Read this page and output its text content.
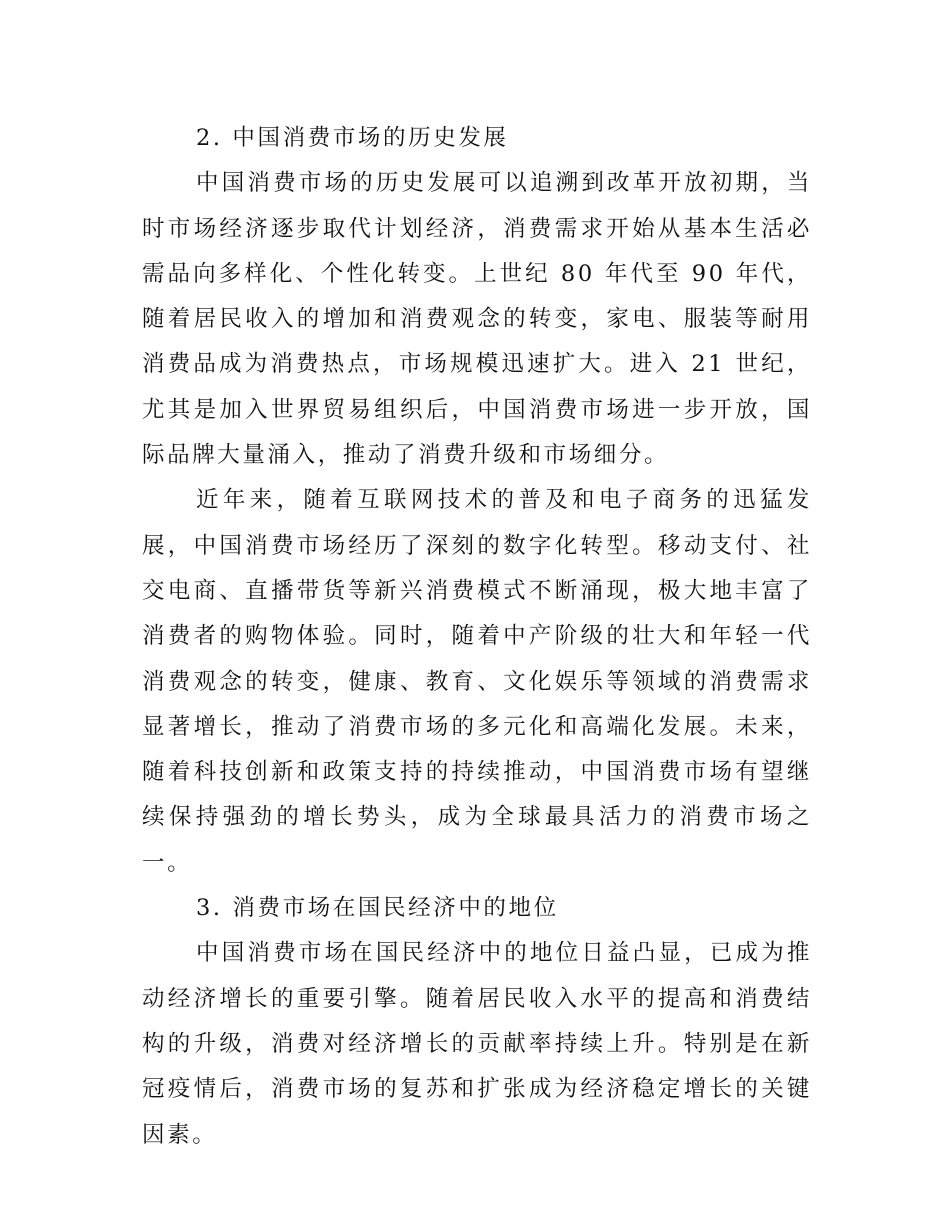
2. 中国消费市场的历史发展

中国消费市场的历史发展可以追溯到改革开放初期，当时市场经济逐步取代计划经济，消费需求开始从基本生活必需品向多样化、个性化转变。上世纪 80 年代至 90 年代，随着居民收入的增加和消费观念的转变，家电、服装等耐用消费品成为消费热点，市场规模迅速扩大。进入 21 世纪，尤其是加入世界贸易组织后，中国消费市场进一步开放，国际品牌大量涌入，推动了消费升级和市场细分。

近年来，随着互联网技术的普及和电子商务的迅猛发展，中国消费市场经历了深刻的数字化转型。移动支付、社交电商、直播带货等新兴消费模式不断涌现，极大地丰富了消费者的购物体验。同时，随着中产阶级的壮大和年轻一代消费观念的转变，健康、教育、文化娱乐等领域的消费需求显著增长，推动了消费市场的多元化和高端化发展。未来，随着科技创新和政策支持的持续推动，中国消费市场有望继续保持强劲的增长势头，成为全球最具活力的消费市场之一。

3. 消费市场在国民经济中的地位

中国消费市场在国民经济中的地位日益凸显，已成为推动经济增长的重要引擎。随着居民收入水平的提高和消费结构的升级，消费对经济增长的贡献率持续上升。特别是在新冠疫情后，消费市场的复苏和扩张成为经济稳定增长的关键因素。
